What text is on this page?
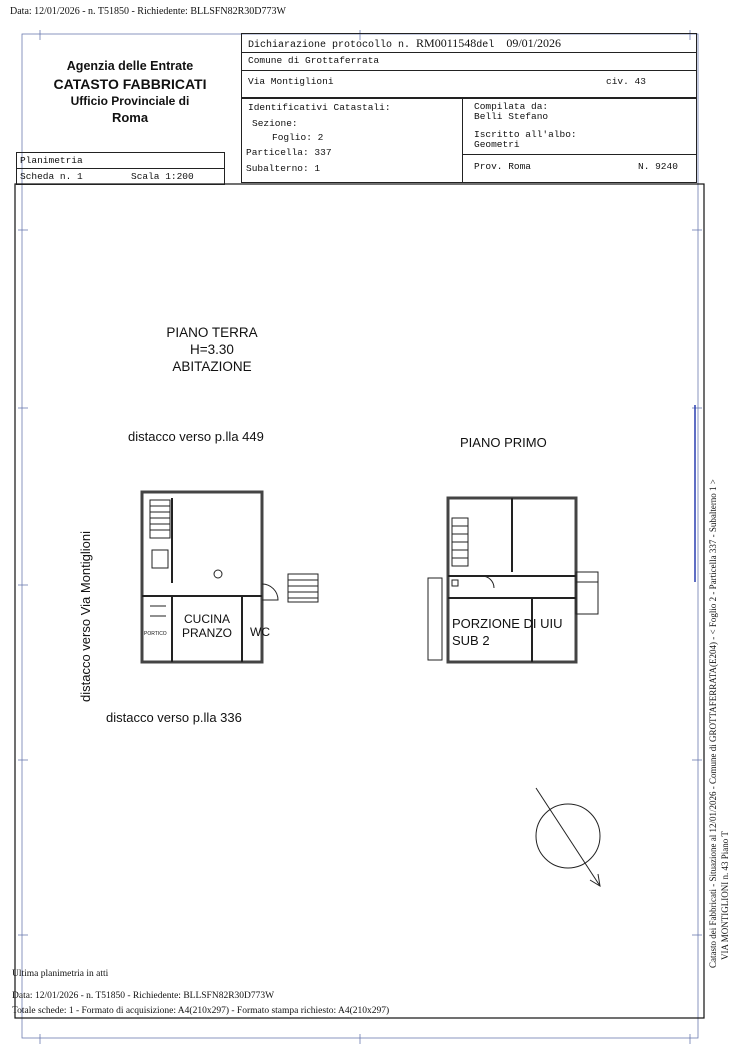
Data: 12/01/2026 - n. T51850 - Richiedente: BLLSFN82R30D773W
Agenzia delle Entrate
CATASTO FABBRICATI
Ufficio Provinciale di
Roma
Dichiarazione protocollo n. RM0011548del 09/01/2026
Comune di Grottaferrata
Via Montiglioni	civ. 43
Identificativi Catastali:
Sezione:
Foglio: 2
Particella: 337
Subalterno: 1
Compilata da:
Belli Stefano
Iscritto all'albo:
Geometri
Prov. Roma	N. 9240
Planimetria
Scheda n. 1	Scala 1:200
PIANO TERRA
H=3.30
ABITAZIONE
distacco verso p.lla 449	PIANO PRIMO
distacco verso p.lla 336
distacco verso Via Montiglioni	CUCINA
PRANZO	WC
PORTICO
PORZIONE DI UIU
SUB 2	Catasto dei Fabbricati - Situazione al 12/01/2026 - Comune di GROTTAFERRATA(E204) - < Foglio 2 - Particella 337 - Subalterno 1 > VIA MONTIGLIONI n. 43 Piano T
Ultima planimetria in atti
Data: 12/01/2026 - n. T51850 - Richiedente: BLLSFN82R30D773W
Totale schede: 1 - Formato di acquisizione: A4(210x297) - Formato stampa richiesto: A4(210x297)
